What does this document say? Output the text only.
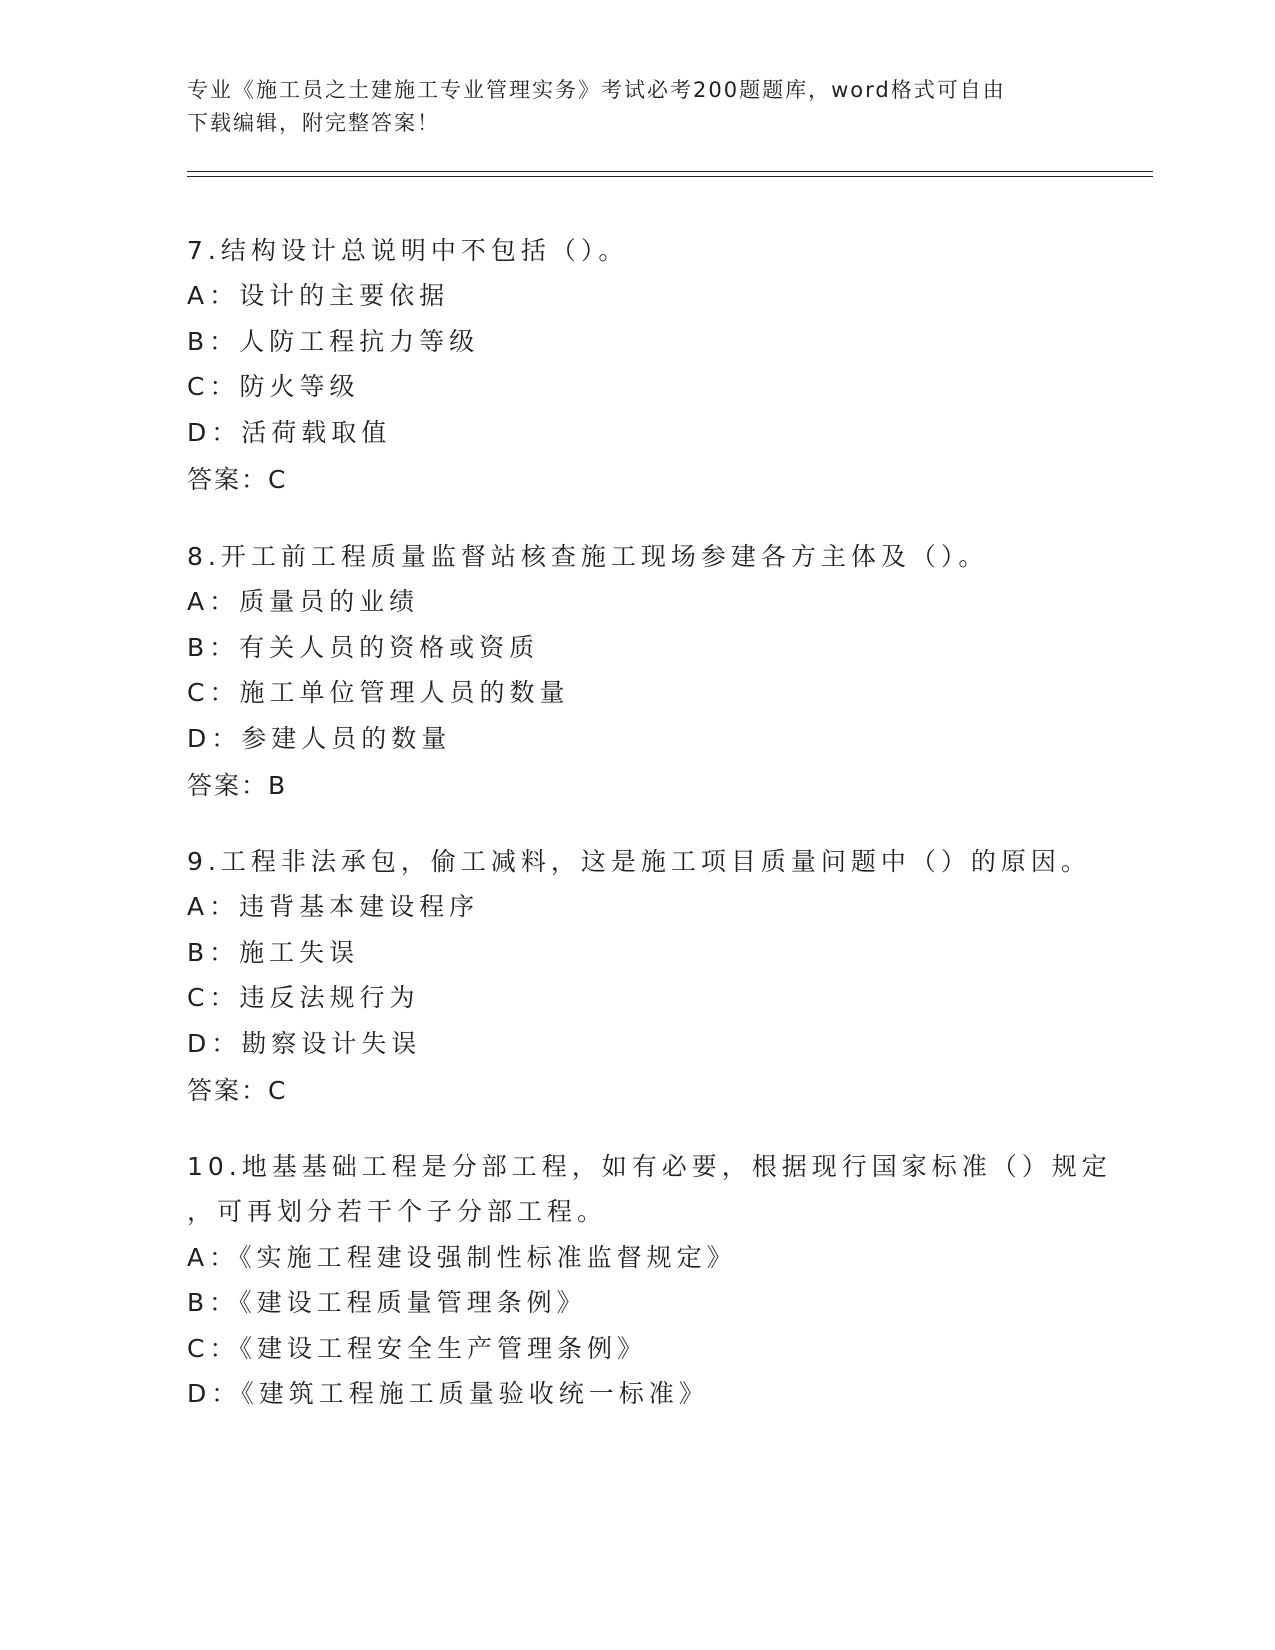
专业《施工员之土建施工专业管理实务》考试必考200题题库，word格式可自由
下载编辑，附完整答案！
7.结构设计总说明中不包括（）。
A：设计的主要依据
B：人防工程抗力等级
C：防火等级
D：活荷载取值
答案：C
8.开工前工程质量监督站核查施工现场参建各方主体及（）。
A：质量员的业绩
B：有关人员的资格或资质
C：施工单位管理人员的数量
D：参建人员的数量
答案：B
9.工程非法承包，偷工减料，这是施工项目质量问题中（）的原因。
A：违背基本建设程序
B：施工失误
C：违反法规行为
D：勘察设计失误
答案：C
10.地基基础工程是分部工程，如有必要，根据现行国家标准（）规定
，可再划分若干个子分部工程。
A：《实施工程建设强制性标准监督规定》
B：《建设工程质量管理条例》
C：《建设工程安全生产管理条例》
D：《建筑工程施工质量验收统一标准》
